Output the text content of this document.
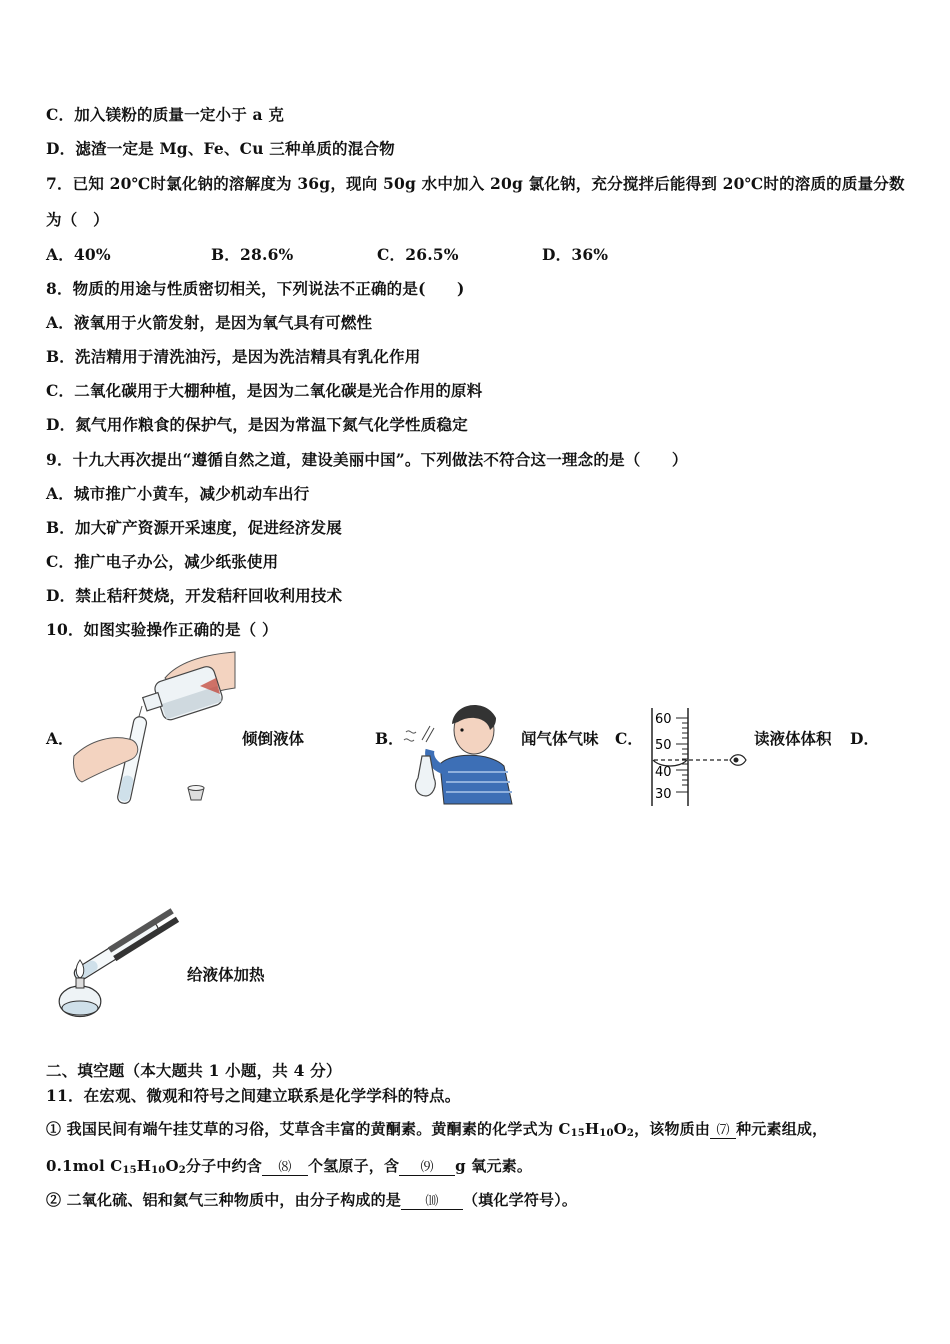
C．加入镁粉的质量一定小于 a 克
D．滤渣一定是 Mg、Fe、Cu 三种单质的混合物
7．已知 20℃时氯化钠的溶解度为 36g，现向 50g 水中加入 20g 氯化钠，充分搅拌后能得到 20℃时的溶质的质量分数
为（　）
A．40%	B．28.6%	C．26.5%	D．36%
8．物质的用途与性质密切相关，下列说法不正确的是(　　)
A．液氧用于火箭发射，是因为氧气具有可燃性
B．洗洁精用于清洗油污，是因为洗洁精具有乳化作用
C．二氧化碳用于大棚种植，是因为二氧化碳是光合作用的原料
D．氮气用作粮食的保护气，是因为常温下氮气化学性质稳定
9．十九大再次提出“遵循自然之道，建设美丽中国”。下列做法不符合这一理念的是（　　）
A．城市推广小黄车，减少机动车出行
B．加大矿产资源开采速度，促进经济发展
C．推广电子办公，减少纸张使用
D．禁止秸秆焚烧，开发秸秆回收利用技术
10．如图实验操作正确的是（ ）
A．	倾倒液体	B．	闻气体气味 C．
60
50
40
30
读液体体积 D．
给液体加热
二、填空题（本大题共 1 小题，共 4 分）
11．在宏观、微观和符号之间建立联系是化学学科的特点。
① 我国民间有端午挂艾草的习俗，艾草含丰富的黄酮素。黄酮素的化学式为 $C_{15}H_{10}O_2$，该物质由 ⑺ 种元素组成，
0.1mol $C_{15}H_{10}O_2$分子中约含 ⑻ 个氢原子，含 ⑼ g 氧元素。
② 二氧化硫、铝和氦气三种物质中，由分子构成的是 ⑽ （填化学符号）。
